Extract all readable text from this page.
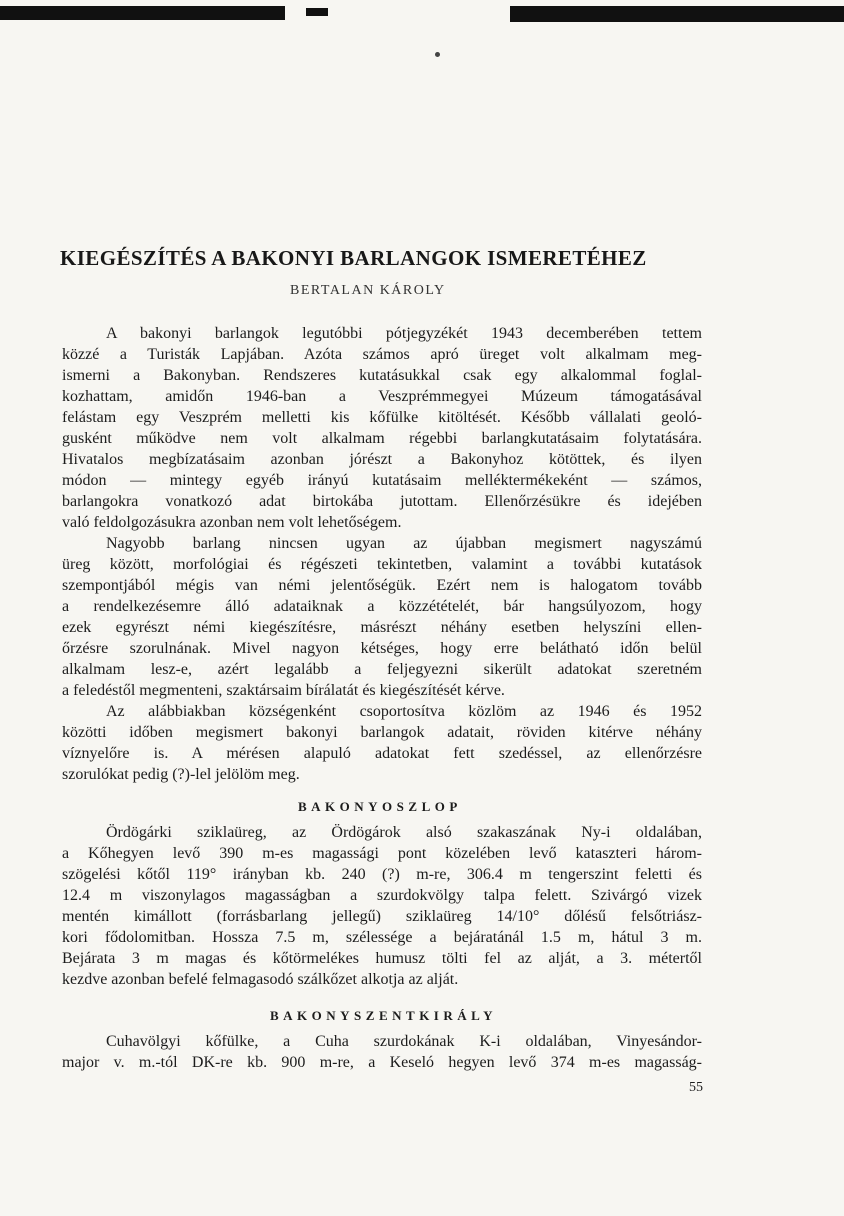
KIEGÉSZÍTÉS A BAKONYI BARLANGOK ISMERETÉHEZ
BERTALAN KÁROLY
A bakonyi barlangok legutóbbi pótjegyzékét 1943 decemberében tettem
közzé a Turisták Lapjában. Azóta számos apró üreget volt alkalmam meg-
ismerni a Bakonyban. Rendszeres kutatásukkal csak egy alkalommal foglal-
kozhattam, amidőn 1946-ban a Veszprémmegyei Múzeum támogatásával
felástam egy Veszprém melletti kis kőfülke kitöltését. Később vállalati geoló-
gusként működve nem volt alkalmam régebbi barlangkutatásaim folytatására.
Hivatalos megbízatásaim azonban jórészt a Bakonyhoz kötöttek, és ilyen
módon — mintegy egyéb irányú kutatásaim melléktermékeként — számos,
barlangokra vonatkozó adat birtokába jutottam. Ellenőrzésükre és idejében
való feldolgozásukra azonban nem volt lehetőségem.
Nagyobb barlang nincsen ugyan az újabban megismert nagyszámú
üreg között, morfológiai és régészeti tekintetben, valamint a további kutatások
szempontjából mégis van némi jelentőségük. Ezért nem is halogatom tovább
a rendelkezésemre álló adataiknak a közzétételét, bár hangsúlyozom, hogy
ezek egyrészt némi kiegészítésre, másrészt néhány esetben helyszíni ellen-
őrzésre szorulnának. Mivel nagyon kétséges, hogy erre belátható időn belül
alkalmam lesz-e, azért legalább a feljegyezni sikerült adatokat szeretném
a feledéstől megmenteni, szaktársaim bírálatát és kiegészítését kérve.
Az alábbiakban községenként csoportosítva közlöm az 1946 és 1952
közötti időben megismert bakonyi barlangok adatait, röviden kitérve néhány
víznyelőre is. A mérésen alapuló adatokat fett szedéssel, az ellenőrzésre
szorulókat pedig (?)-lel jelölöm meg.
BAKONYOSZLOP
Ördögárki sziklaüreg, az Ördögárok alsó szakaszának Ny-i oldalában,
a Kőhegyen levő 390 m-es magassági pont közelében levő kataszteri három-
szögelési kőtől 119° irányban kb. 240 (?) m-re, 306.4 m tengerszint feletti és
12.4 m viszonylagos magasságban a szurdokvölgy talpa felett. Szivárgó vizek
mentén kimállott (forrásbarlang jellegű) sziklaüreg 14/10° dőlésű felsőtriász-
kori fődolomitban. Hossza 7.5 m, szélessége a bejáratánál 1.5 m, hátul 3 m.
Bejárata 3 m magas és kőtörmelékes humusz tölti fel az alját, a 3. métertől
kezdve azonban befelé felmagasodó szálkőzet alkotja az alját.
BAKONYSZENTKIRÁLY
Cuhavölgyi kőfülke, a Cuha szurdokának K-i oldalában, Vinyesándor-
major v. m.-tól DK-re kb. 900 m-re, a Keseló hegyen levő 374 m-es magasság-
55
